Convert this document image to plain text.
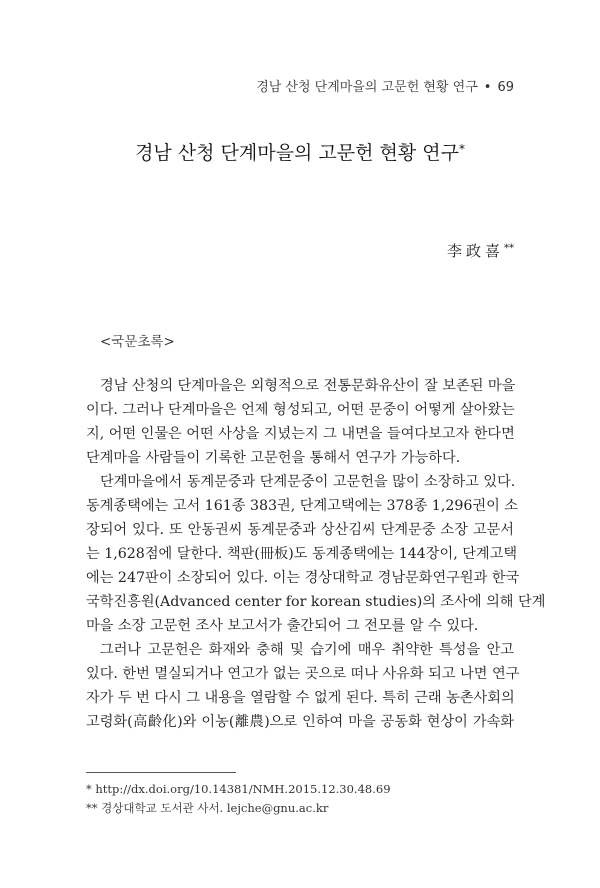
경남 산청 단계마을의 고문헌 현황 연구 • 69
경남 산청 단계마을의 고문헌 현황 연구*
李政喜**
<국문초록>
경남 산청의 단계마을은 외형적으로 전통문화유산이 잘 보존된 마을
이다. 그러나 단계마을은 언제 형성되고, 어떤 문중이 어떻게 살아왔는
지, 어떤 인물은 어떤 사상을 지녔는지 그 내면을 들여다보고자 한다면
단계마을 사람들이 기록한 고문헌을 통해서 연구가 가능하다.
단계마을에서 동계문중과 단계문중이 고문헌을 많이 소장하고 있다.
동계종택에는 고서 161종 383권, 단계고택에는 378종 1,296권이 소
장되어 있다. 또 안동권씨 동계문중과 상산김씨 단계문중 소장 고문서
는 1,628점에 달한다. 책판(冊板)도 동계종택에는 144장이, 단계고택
에는 247판이 소장되어 있다. 이는 경상대학교 경남문화연구원과 한국
국학진흥원(Advanced center for korean studies)의 조사에 의해 단계
마을 소장 고문헌 조사 보고서가 출간되어 그 전모를 알 수 있다.
그러나 고문헌은 화재와 충해 및 습기에 매우 취약한 특성을 안고
있다. 한번 멸실되거나 연고가 없는 곳으로 떠나 사유화 되고 나면 연구
자가 두 번 다시 그 내용을 열람할 수 없게 된다. 특히 근래 농촌사회의
고령화(高齡化)와 이농(離農)으로 인하여 마을 공동화 현상이 가속화
* http://dx.doi.org/10.14381/NMH.2015.12.30.48.69
** 경상대학교 도서관 사서. lejche@gnu.ac.kr
